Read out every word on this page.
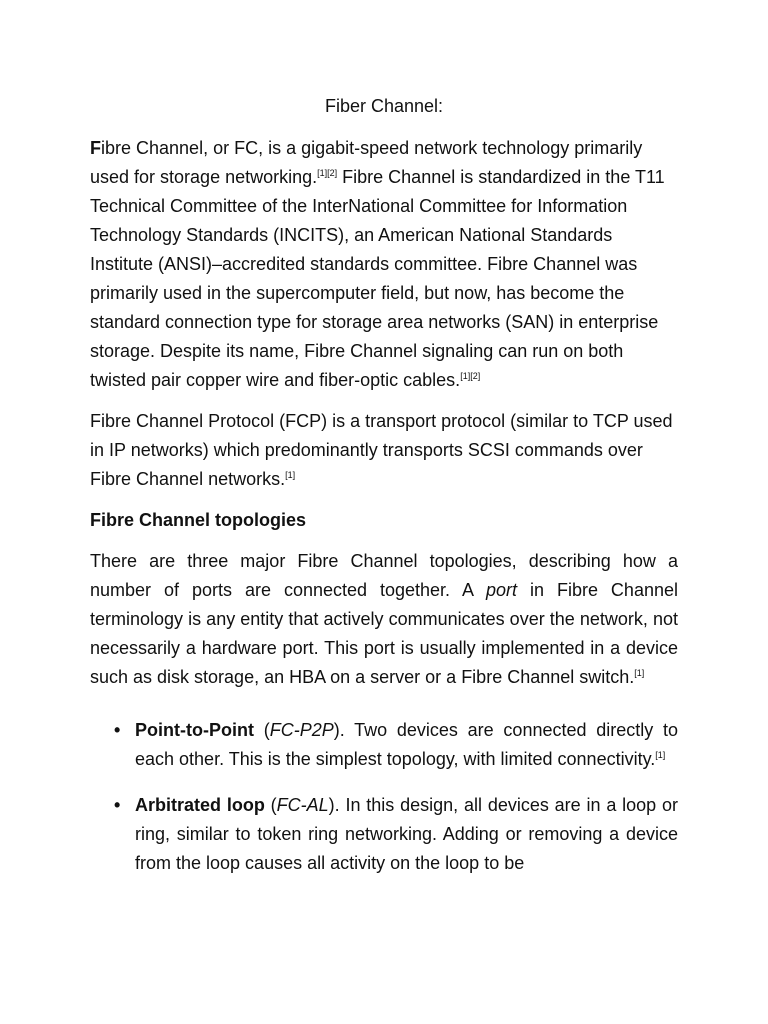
Fiber Channel:

Fibre Channel, or FC, is a gigabit-speed network technology primarily used for storage networking.[1][2] Fibre Channel is standardized in the T11 Technical Committee of the InterNational Committee for Information Technology Standards (INCITS), an American National Standards Institute (ANSI)–accredited standards committee. Fibre Channel was primarily used in the supercomputer field, but now, has become the standard connection type for storage area networks (SAN) in enterprise storage. Despite its name, Fibre Channel signaling can run on both twisted pair copper wire and fiber-optic cables.[1][2]

Fibre Channel Protocol (FCP) is a transport protocol (similar to TCP used in IP networks) which predominantly transports SCSI commands over Fibre Channel networks.[1]

Fibre Channel topologies

There are three major Fibre Channel topologies, describing how a number of ports are connected together. A port in Fibre Channel terminology is any entity that actively communicates over the network, not necessarily a hardware port. This port is usually implemented in a device such as disk storage, an HBA on a server or a Fibre Channel switch.[1]

• Point-to-Point (FC-P2P). Two devices are connected directly to each other. This is the simplest topology, with limited connectivity.[1]
• Arbitrated loop (FC-AL). In this design, all devices are in a loop or ring, similar to token ring networking. Adding or removing a device from the loop causes all activity on the loop to be
